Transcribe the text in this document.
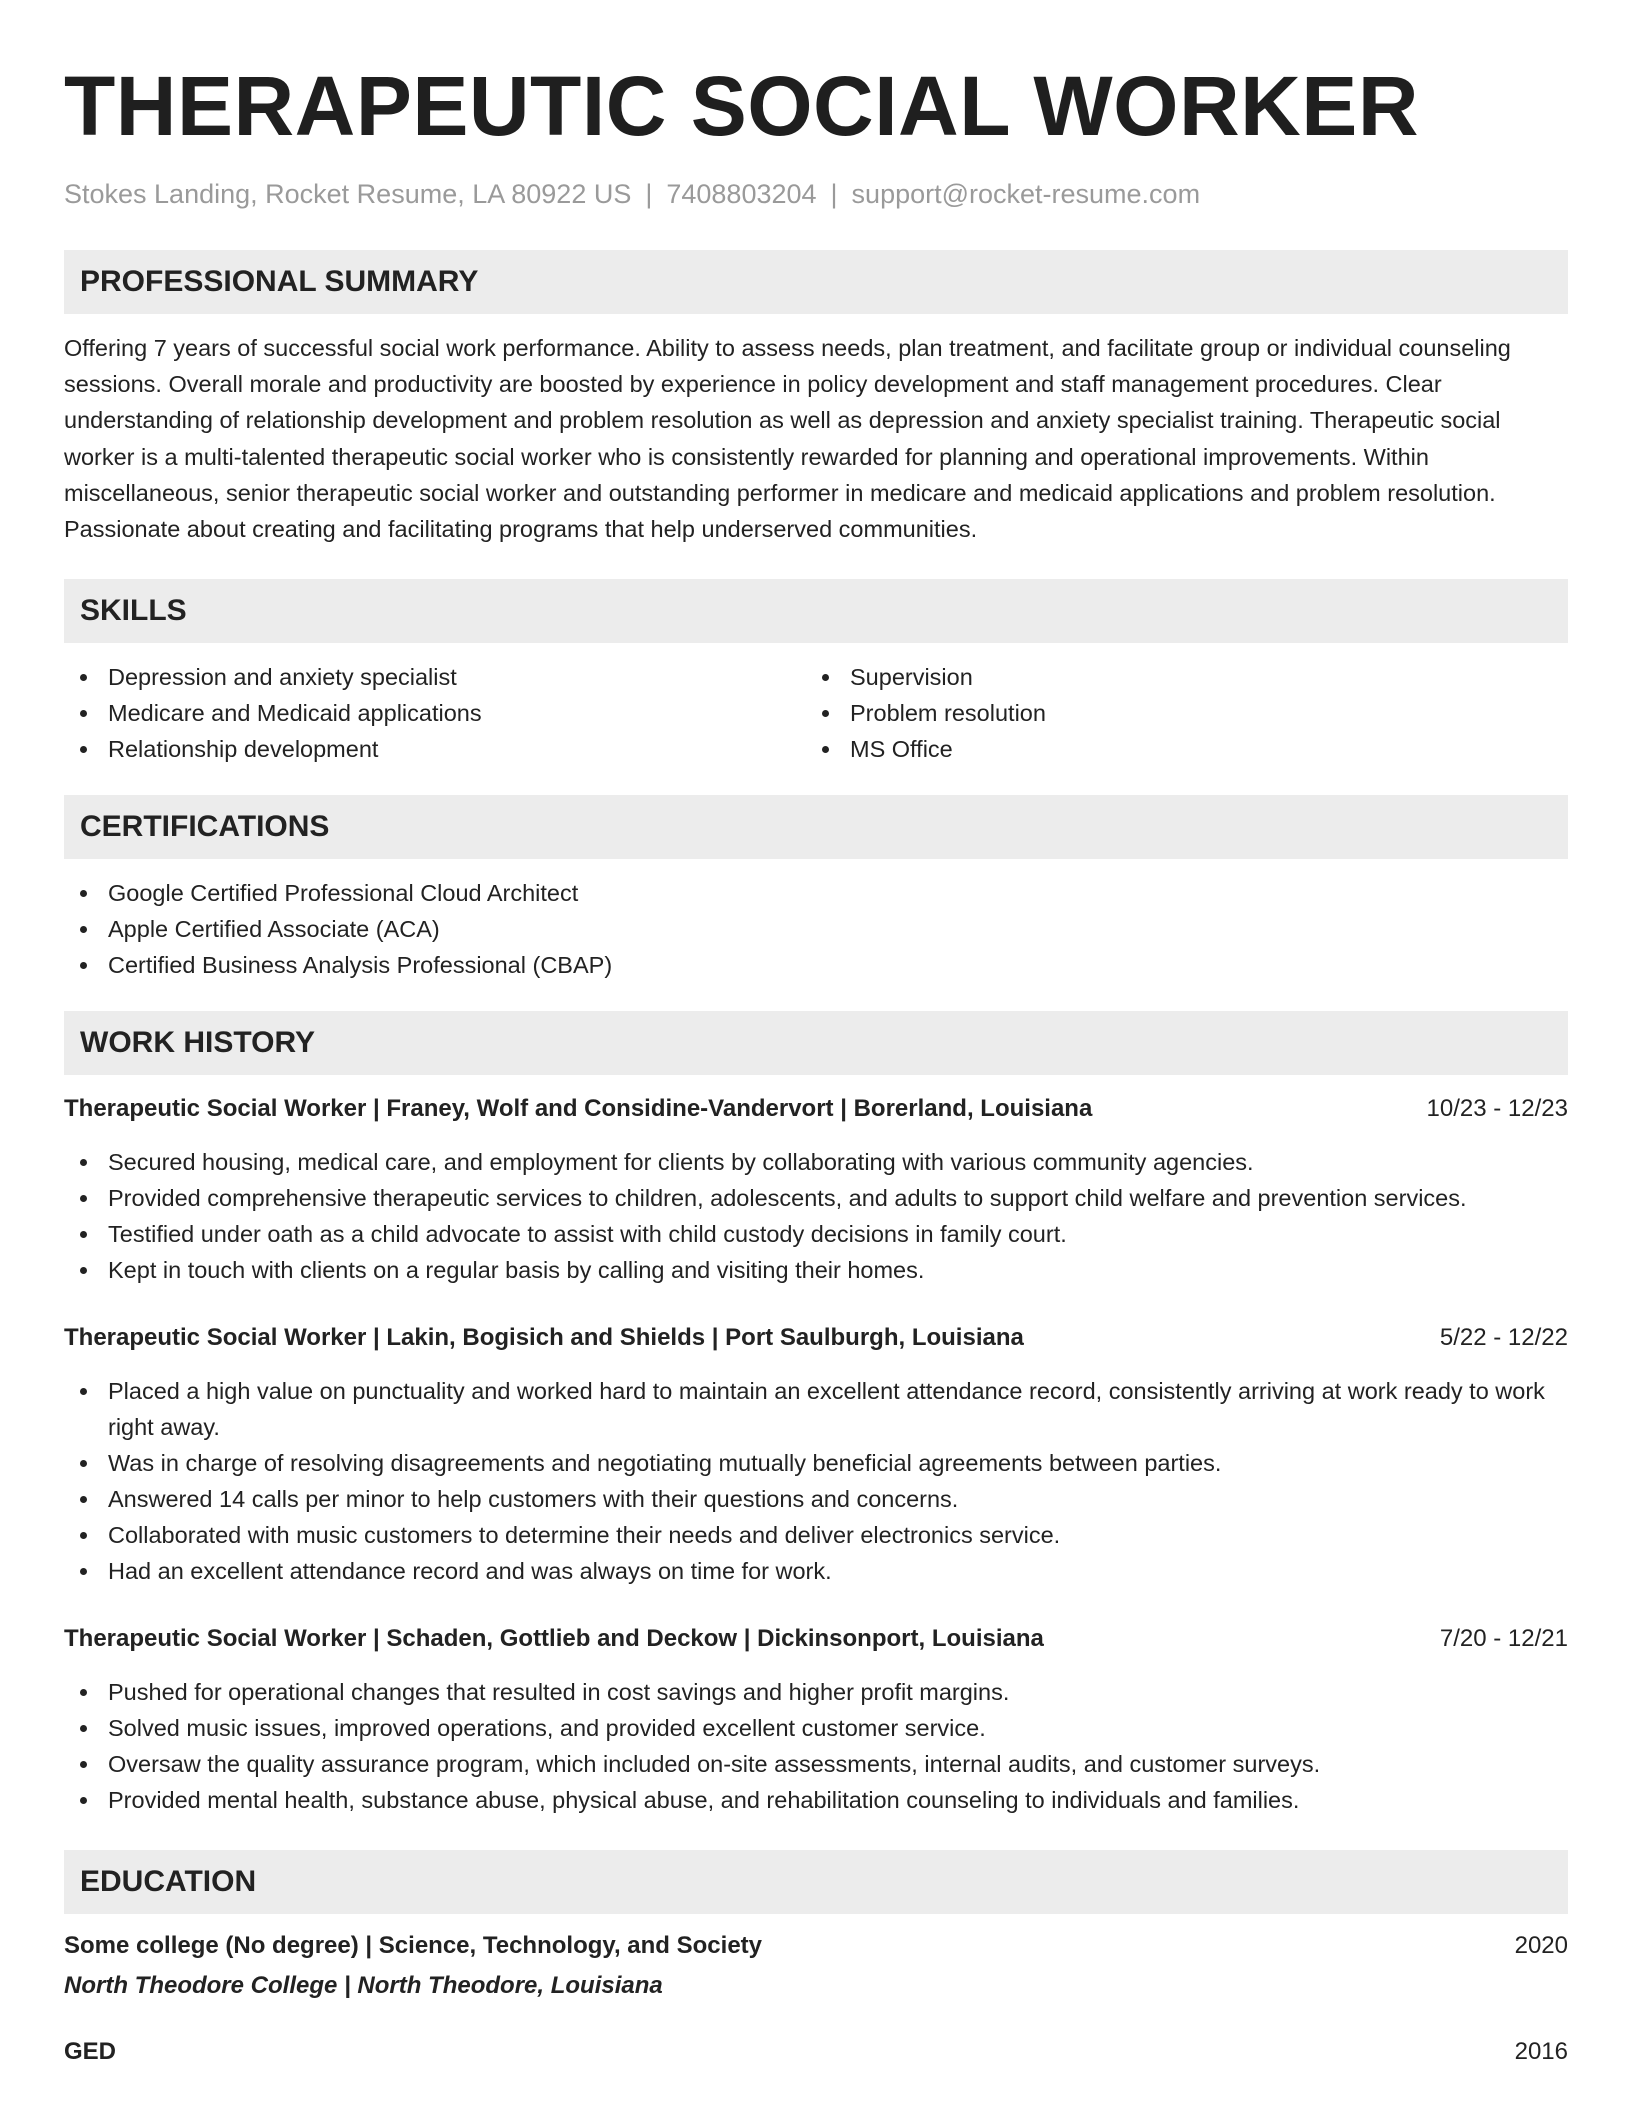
THERAPEUTIC SOCIAL WORKER
Stokes Landing, Rocket Resume, LA 80922 US | 7408803204 | support@rocket-resume.com
PROFESSIONAL SUMMARY

Offering 7 years of successful social work performance. Ability to assess needs, plan treatment, and facilitate group or individual counseling sessions. Overall morale and productivity are boosted by experience in policy development and staff management procedures. Clear understanding of relationship development and problem resolution as well as depression and anxiety specialist training. Therapeutic social worker is a multi-talented therapeutic social worker who is consistently rewarded for planning and operational improvements. Within miscellaneous, senior therapeutic social worker and outstanding performer in medicare and medicaid applications and problem resolution. Passionate about creating and facilitating programs that help underserved communities.

SKILLS
Depression and anxiety specialist
Medicare and Medicaid applications
Relationship development
Supervision
Problem resolution
MS Office
CERTIFICATIONS
Google Certified Professional Cloud Architect
Apple Certified Associate (ACA)
Certified Business Analysis Professional (CBAP)
WORK HISTORY
Therapeutic Social Worker | Franey, Wolf and Considine-Vandervort | Borerland, Louisiana	10/23 - 12/23
Secured housing, medical care, and employment for clients by collaborating with various community agencies.
Provided comprehensive therapeutic services to children, adolescents, and adults to support child welfare and prevention services.
Testified under oath as a child advocate to assist with child custody decisions in family court.
Kept in touch with clients on a regular basis by calling and visiting their homes.
Therapeutic Social Worker | Lakin, Bogisich and Shields | Port Saulburgh, Louisiana	5/22 - 12/22
Placed a high value on punctuality and worked hard to maintain an excellent attendance record, consistently arriving at work ready to work right away.
Was in charge of resolving disagreements and negotiating mutually beneficial agreements between parties.
Answered 14 calls per minor to help customers with their questions and concerns.
Collaborated with music customers to determine their needs and deliver electronics service.
Had an excellent attendance record and was always on time for work.
Therapeutic Social Worker | Schaden, Gottlieb and Deckow | Dickinsonport, Louisiana	7/20 - 12/21
Pushed for operational changes that resulted in cost savings and higher profit margins.
Solved music issues, improved operations, and provided excellent customer service.
Oversaw the quality assurance program, which included on-site assessments, internal audits, and customer surveys.
Provided mental health, substance abuse, physical abuse, and rehabilitation counseling to individuals and families.
EDUCATION
Some college (No degree) | Science, Technology, and Society	2020
North Theodore College | North Theodore, Louisiana
GED	2016
